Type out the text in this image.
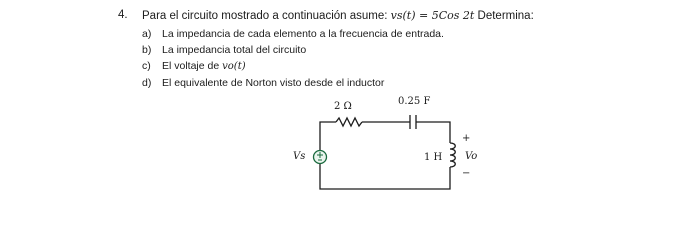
4. Para el circuito mostrado a continuación asume: vs(t) = 5Cos 2t Determina:
a) La impedancia de cada elemento a la frecuencia de entrada.
b) La impedancia total del circuito
c) El voltaje de vo(t)
d) El equivalente de Norton visto desde el inductor
2 Ω	0.25 F
1 H
Vs	Vo
+
−
